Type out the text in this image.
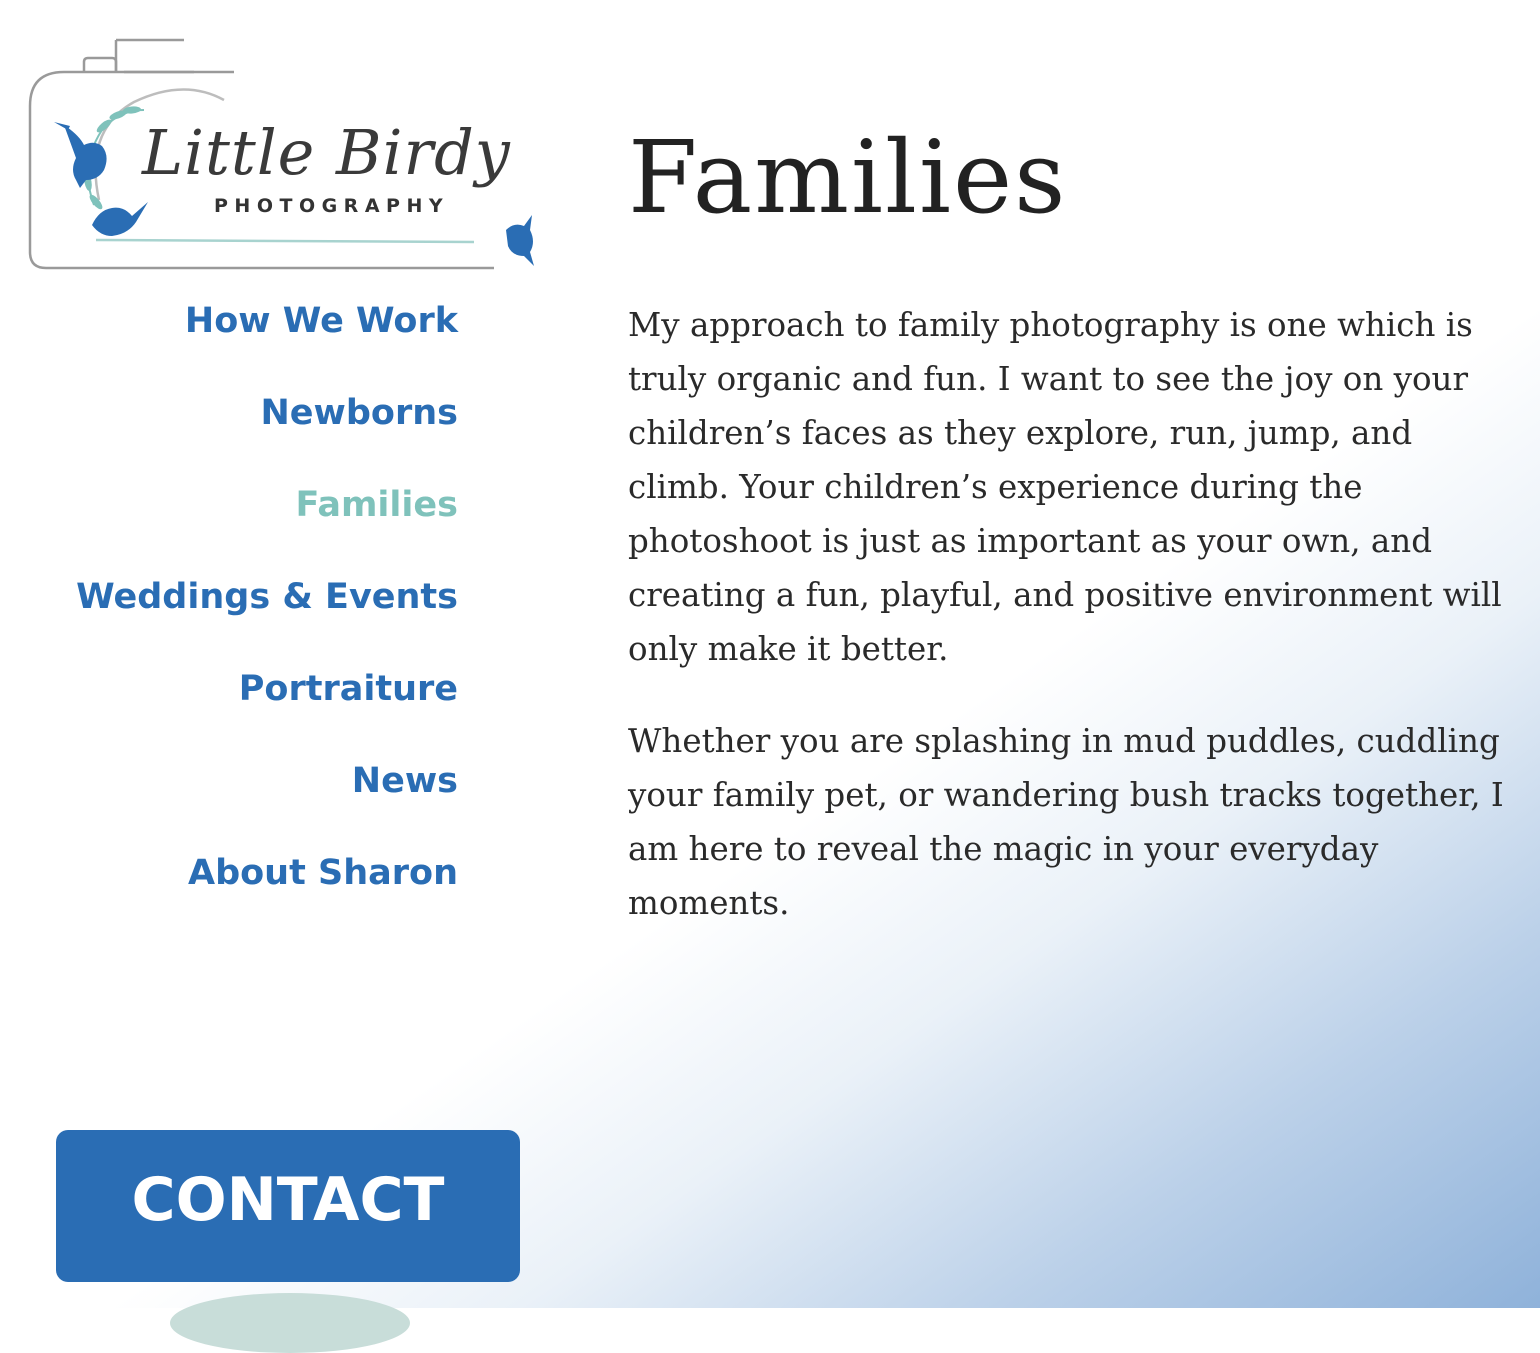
Little Birdy
PHOTOGRAPHY
How We Work
Newborns
Families
Weddings & Events
Portraiture
News
About Sharon
CONTACT
Families

My approach to family photography is one which is truly organic and fun. I want to see the joy on your children’s faces as they explore, run, jump, and climb. Your children’s experience during the photoshoot is just as important as your own, and creating a fun, playful, and positive environment will only make it better.

Whether you are splashing in mud puddles, cuddling your family pet, or wandering bush tracks together, I am here to reveal the magic in your everyday moments.
